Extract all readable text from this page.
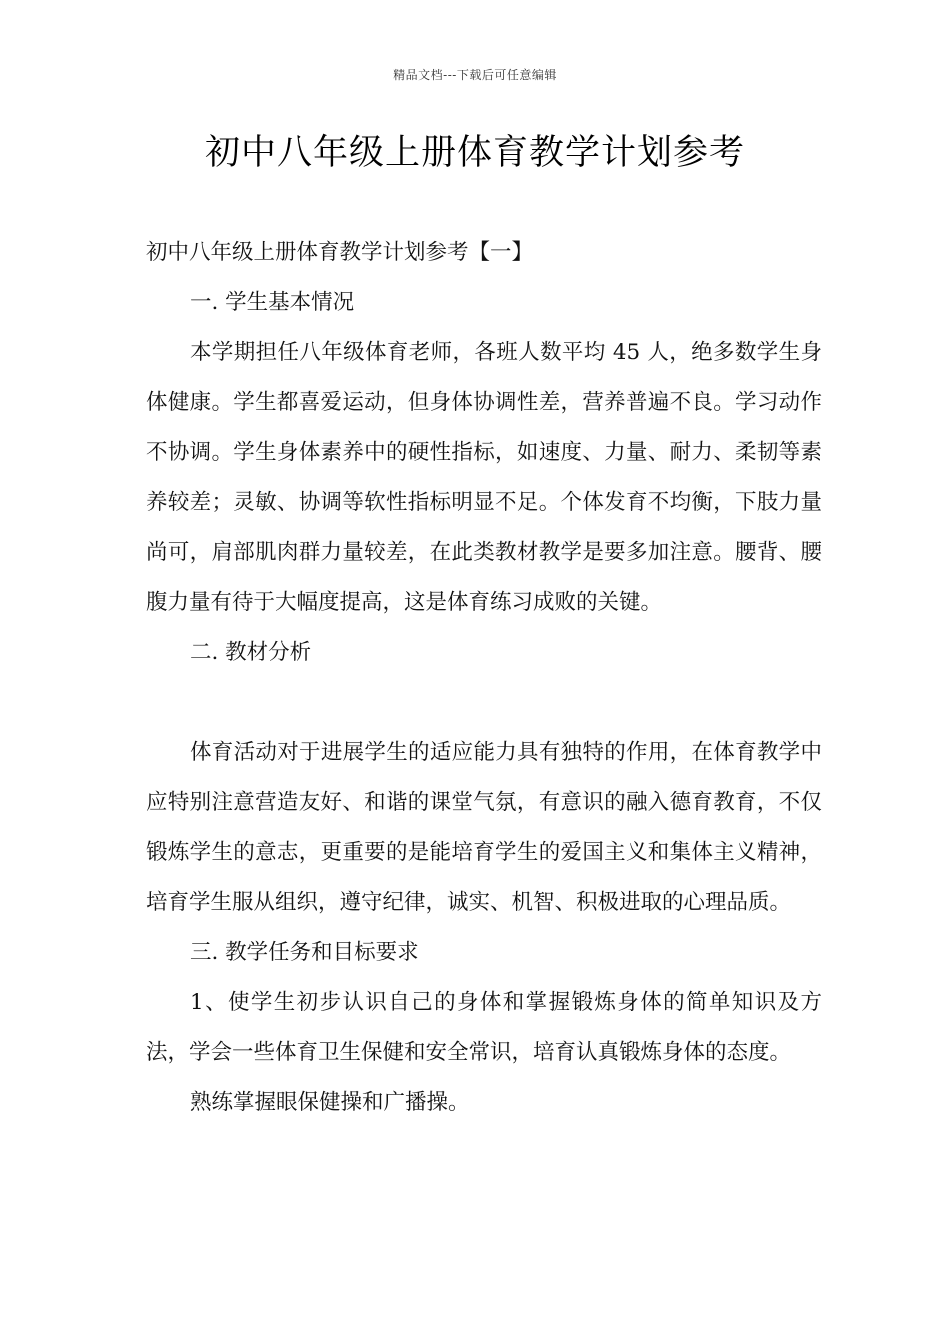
精品文档---下载后可任意编辑
初中八年级上册体育教学计划参考

初中八年级上册体育教学计划参考【一】

一. 学生基本情况

本学期担任八年级体育老师，各班人数平均 45 人，绝多数学生身体健康。学生都喜爱运动，但身体协调性差，营养普遍不良。学习动作不协调。学生身体素养中的硬性指标，如速度、力量、耐力、柔韧等素养较差；灵敏、协调等软性指标明显不足。个体发育不均衡，下肢力量尚可，肩部肌肉群力量较差，在此类教材教学是要多加注意。腰背、腰腹力量有待于大幅度提高，这是体育练习成败的关键。

二. 教材分析

体育活动对于进展学生的适应能力具有独特的作用，在体育教学中应特别注意营造友好、和谐的课堂气氛，有意识的融入德育教育，不仅锻炼学生的意志，更重要的是能培育学生的爱国主义和集体主义精神，培育学生服从组织，遵守纪律，诚实、机智、积极进取的心理品质。

三. 教学任务和目标要求

1、使学生初步认识自己的身体和掌握锻炼身体的简单知识及方法，学会一些体育卫生保健和安全常识，培育认真锻炼身体的态度。

熟练掌握眼保健操和广播操。
